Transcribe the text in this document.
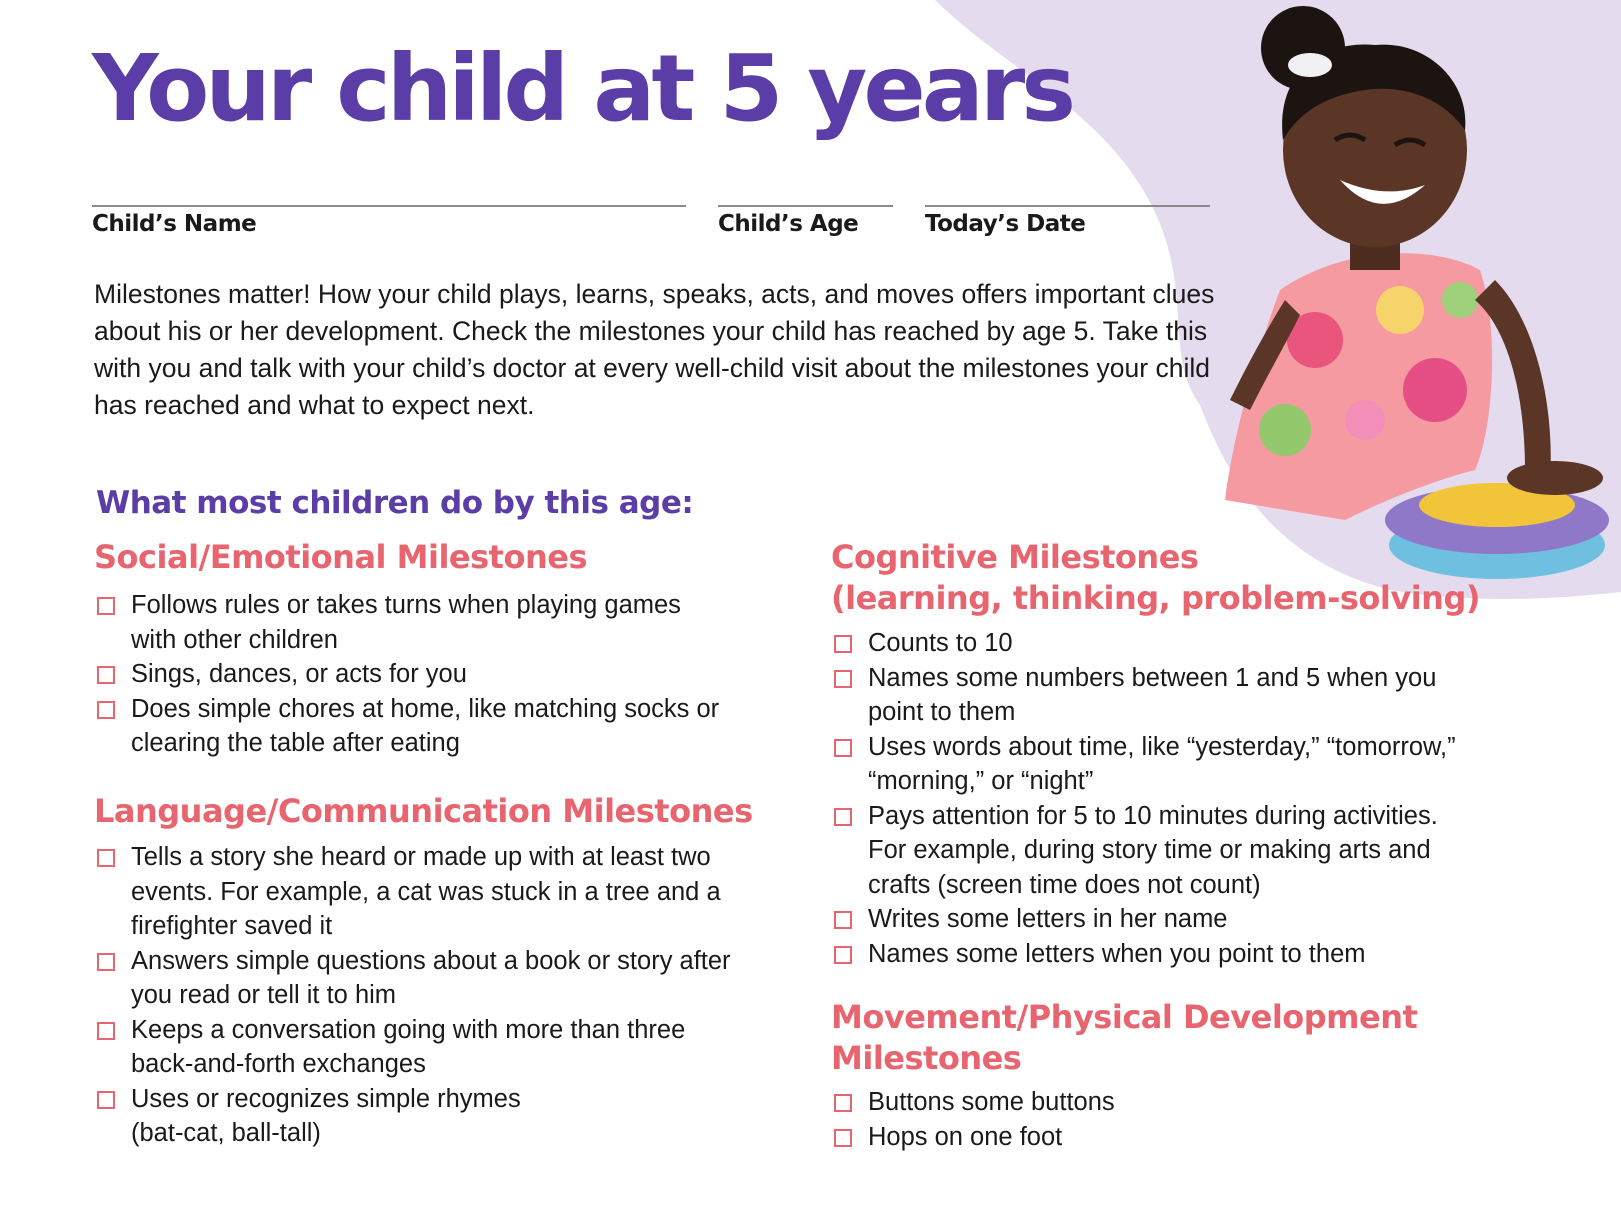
Your child at 5 years
Child’s Name	Child’s Age	Today’s Date

Milestones matter! How your child plays, learns, speaks, acts, and moves offers important clues about his or her development. Check the milestones your child has reached by age 5. Take this with you and talk with your child’s doctor at every well-child visit about the milestones your child has reached and what to expect next.

What most children do by this age:
Social/Emotional Milestones
Follows rules or takes turns when playing games with other children
Sings, dances, or acts for you
Does simple chores at home, like matching socks or clearing the table after eating
Language/Communication Milestones
Tells a story she heard or made up with at least two events. For example, a cat was stuck in a tree and a firefighter saved it
Answers simple questions about a book or story after you read or tell it to him
Keeps a conversation going with more than three back-and-forth exchanges
Uses or recognizes simple rhymes (bat-cat, ball-tall)
Cognitive Milestones
(learning, thinking, problem-solving)
Counts to 10
Names some numbers between 1 and 5 when you point to them
Uses words about time, like “yesterday,” “tomorrow,” “morning,” or “night”
Pays attention for 5 to 10 minutes during activities. For example, during story time or making arts and crafts (screen time does not count)
Writes some letters in her name
Names some letters when you point to them
Movement/Physical Development
Milestones
Buttons some buttons
Hops on one foot
